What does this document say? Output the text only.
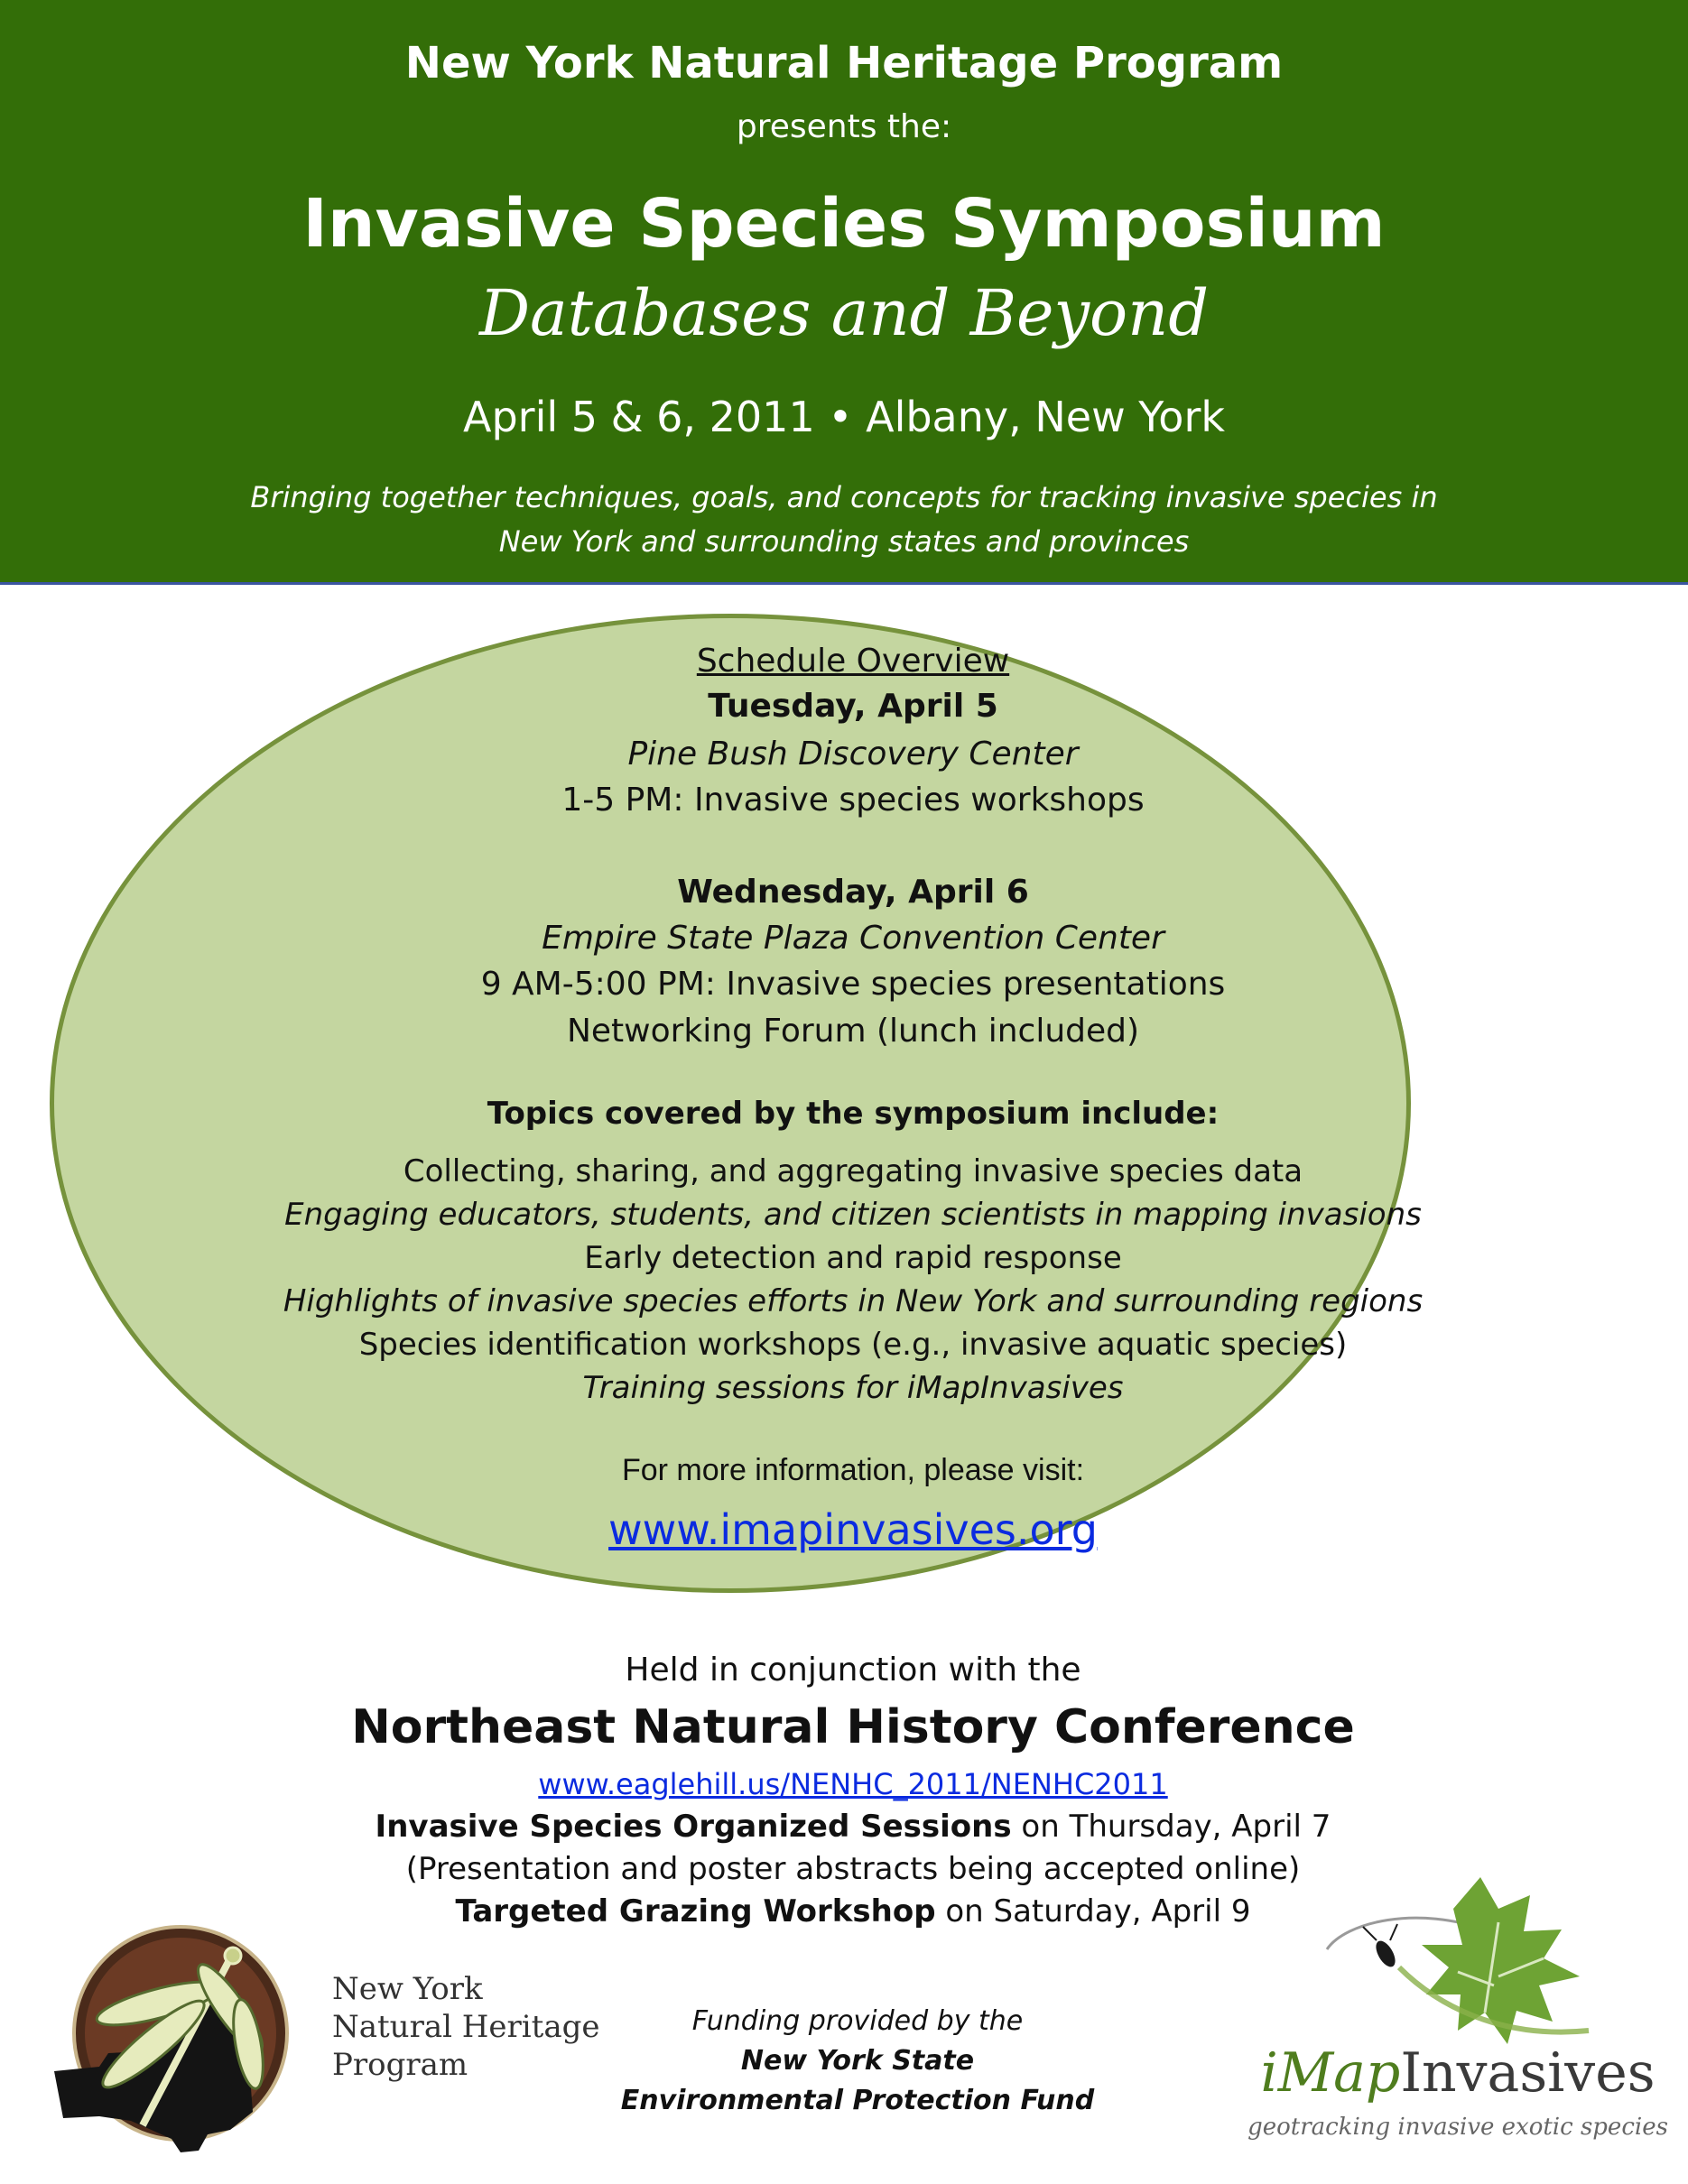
New York Natural Heritage Program
presents the:
Invasive Species Symposium
Databases and Beyond
April 5 & 6, 2011 • Albany, New York
Bringing together techniques, goals, and concepts for tracking invasive species in
New York and surrounding states and provinces
Schedule Overview
Tuesday, April 5
Pine Bush Discovery Center
1-5 PM: Invasive species workshops
Wednesday, April 6
Empire State Plaza Convention Center
9 AM-5:00 PM: Invasive species presentations
Networking Forum (lunch included)
Topics covered by the symposium include:
Collecting, sharing, and aggregating invasive species data
Engaging educators, students, and citizen scientists in mapping invasions
Early detection and rapid response
Highlights of invasive species efforts in New York and surrounding regions
Species identification workshops (e.g., invasive aquatic species)
Training sessions for iMapInvasives
For more information, please visit:
www.imapinvasives.org
Held in conjunction with the
Northeast Natural History Conference
www.eaglehill.us/NENHC_2011/NENHC2011
Invasive Species Organized Sessions on Thursday, April 7
(Presentation and poster abstracts being accepted online)
Targeted Grazing Workshop on Saturday, April 9
New York
Natural Heritage
Program
Funding provided by the
New York State
Environmental Protection Fund	iMapInvasives
geotracking invasive exotic species
